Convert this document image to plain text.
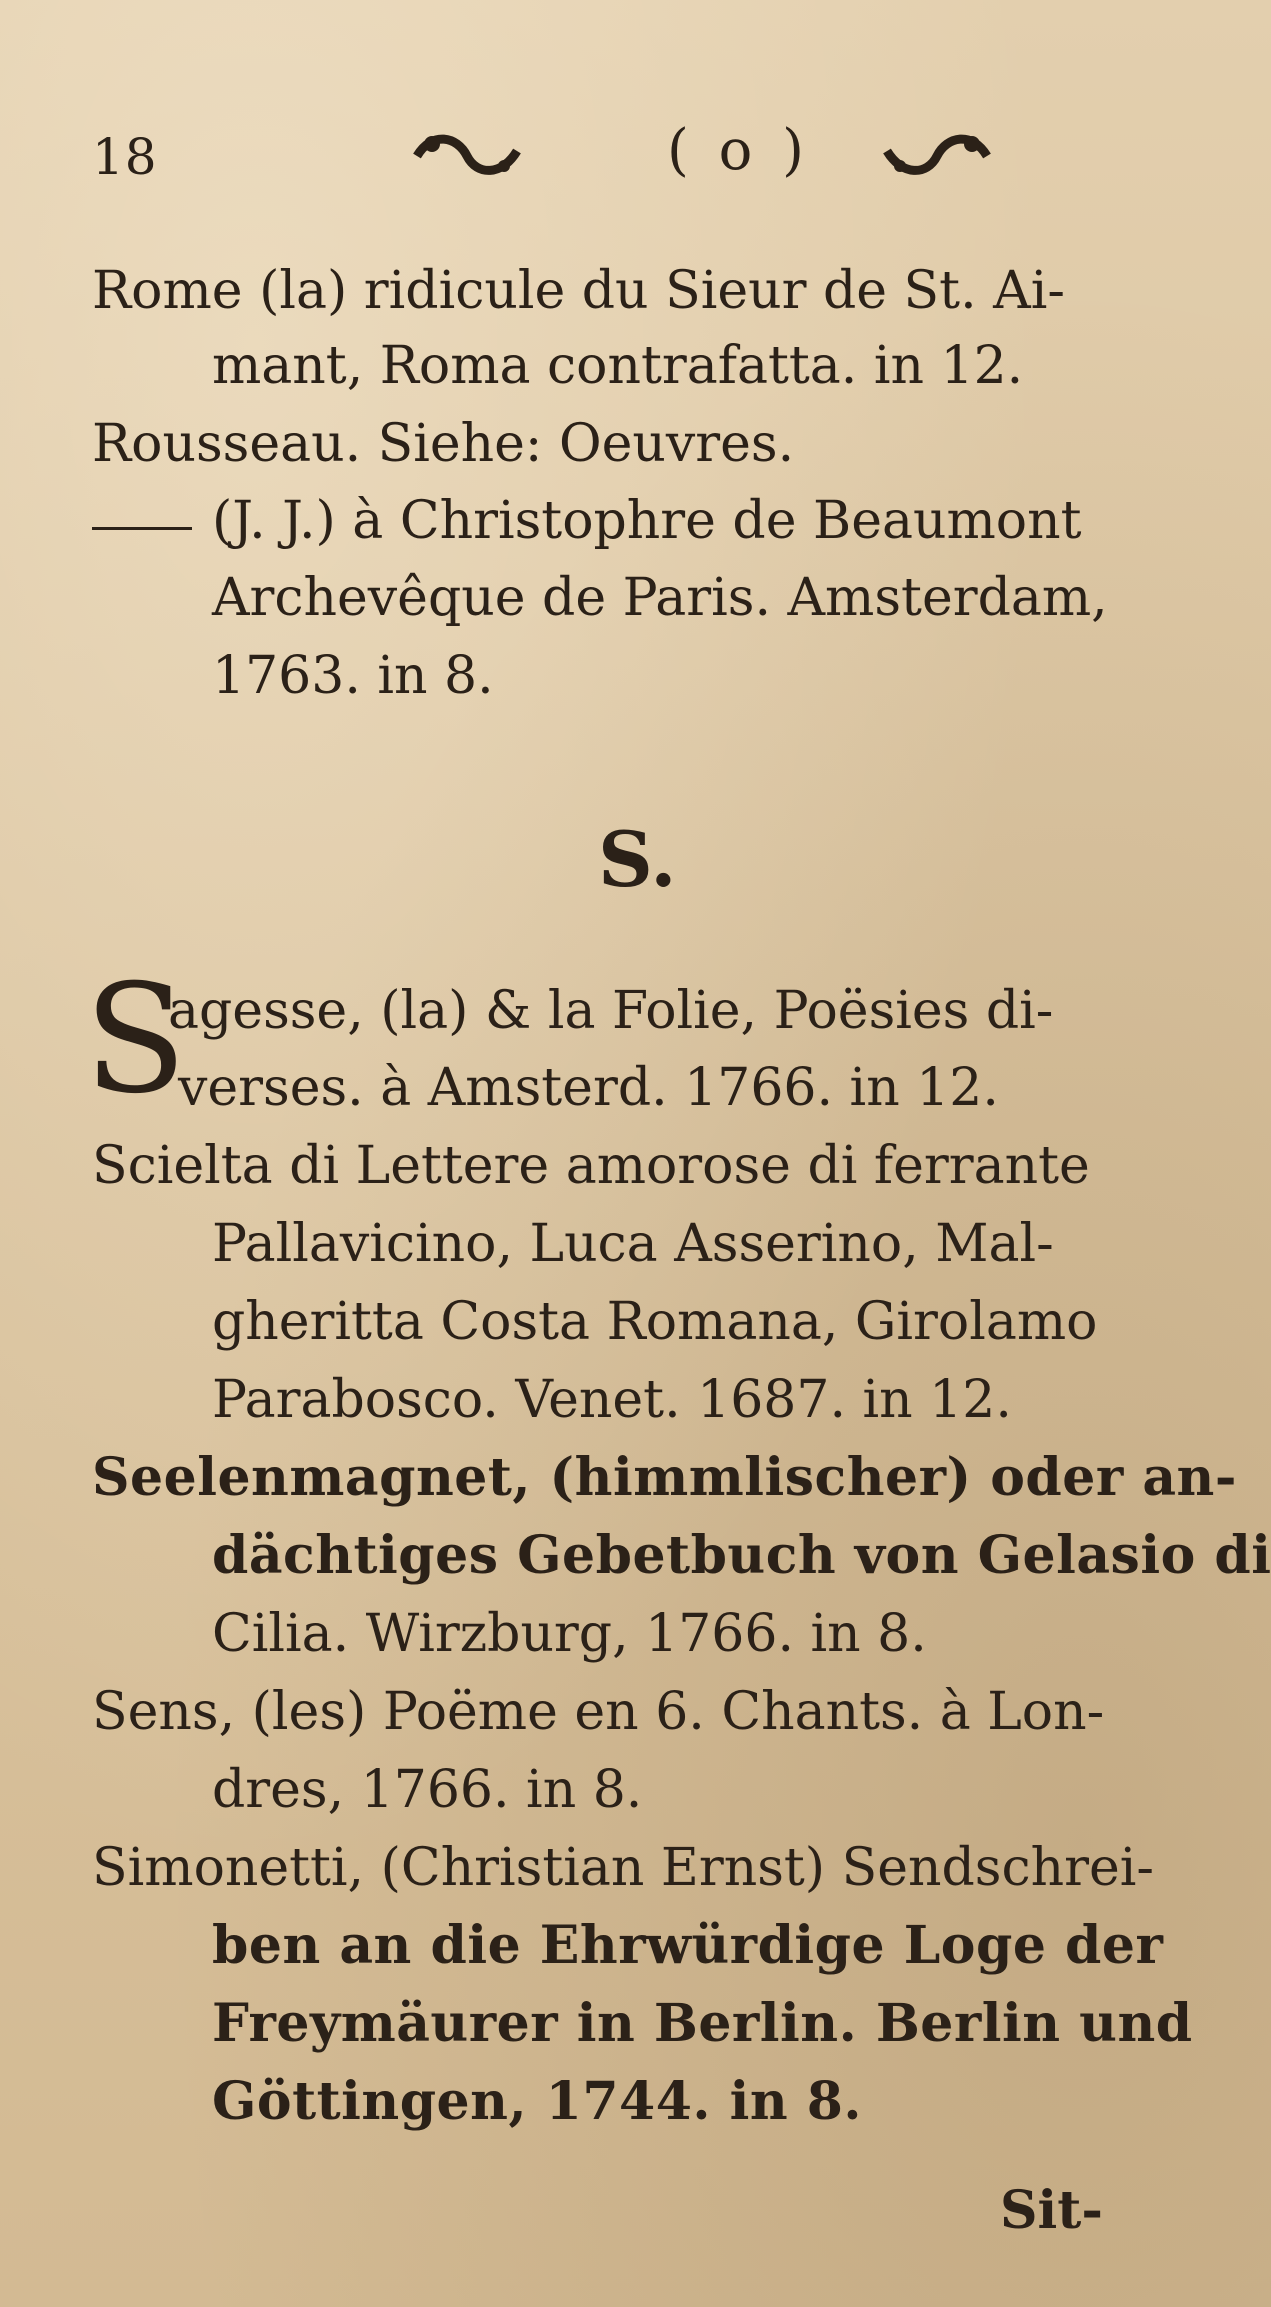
18	( o )
Rome (la) ridicule du Sieur de St. Ai-
mant, Roma contrafatta. in 12.
Rousseau. Siehe: Oeuvres.
(J. J.) à Christophre de Beaumont
Archevêque de Paris. Amsterdam,
1763. in 8.
S.
S
agesse, (la) & la Folie, Poësies di-
verses. à Amsterd. 1766. in 12.
Scielta di Lettere amorose di ferrante
Pallavicino, Luca Asserino, Mal-
gheritta Costa Romana, Girolamo
Parabosco. Venet. 1687. in 12.
Seelenmagnet, (himmlischer) oder an-
dächtiges Gebetbuch von Gelasio di
Cilia. Wirzburg, 1766. in 8.
Sens, (les) Poëme en 6. Chants. à Lon-
dres, 1766. in 8.
Simonetti, (Christian Ernst) Sendschrei-
ben an die Ehrwürdige Loge der
Freymäurer in Berlin. Berlin und
Göttingen, 1744. in 8.
Sit-
